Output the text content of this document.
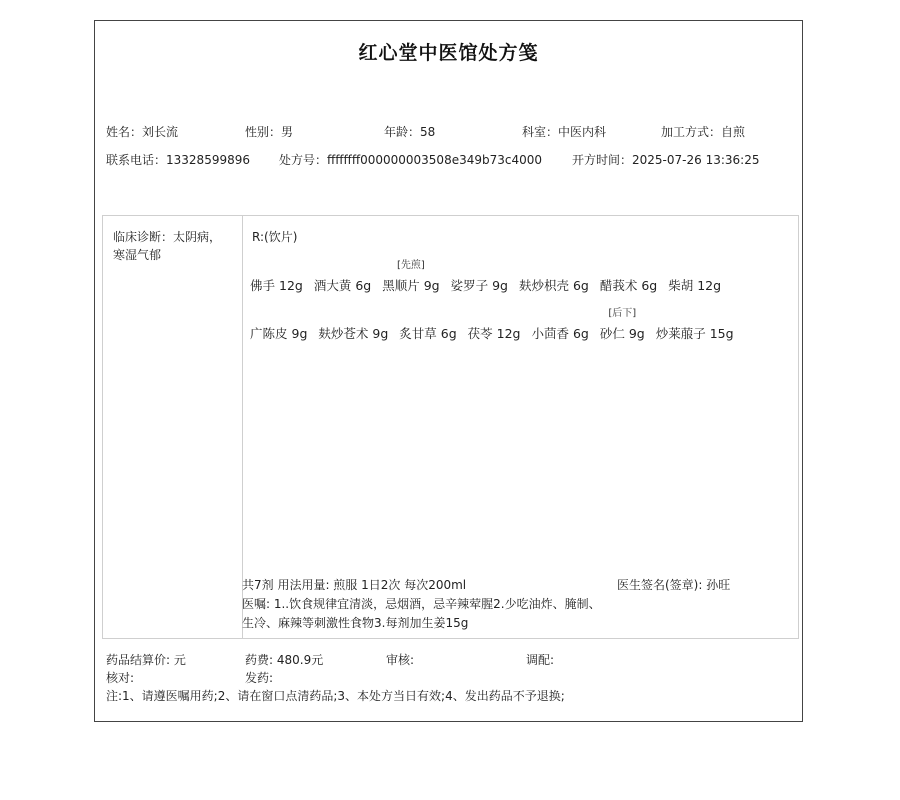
红心堂中医馆处方笺
姓名：刘长流	性别：男	年龄：58	科室：中医内科	加工方式：自煎
联系电话：13328599896 处方号：ffffffff000000003508e349b73c4000 开方时间：2025-07-26 13:36:25
临床诊断：太阴病，寒湿气郁
R:(饮片)
佛手 12g 酒大黄 6g
[先煎]
黑顺片 9g 娑罗子 9g 麸炒枳壳 6g 醋莪术 6g 柴胡 12g
广陈皮 9g 麸炒苍术 9g 炙甘草 6g 茯苓 12g 小茴香 6g
[后下]
砂仁 9g 炒莱菔子 15g
共7剂 用法用量: 煎服 1日2次 每次200ml	医生签名(签章): 孙旺
医嘱: 1..饮食规律宜清淡，忌烟酒，忌辛辣荤腥2.少吃油炸、腌制、生冷、麻辣等刺激性食物3.每剂加生姜15g
药品结算价: 元	药费: 480.9元	审核:	调配:
核对:	发药:
注:1、请遵医嘱用药;2、请在窗口点清药品;3、本处方当日有效;4、发出药品不予退换;
